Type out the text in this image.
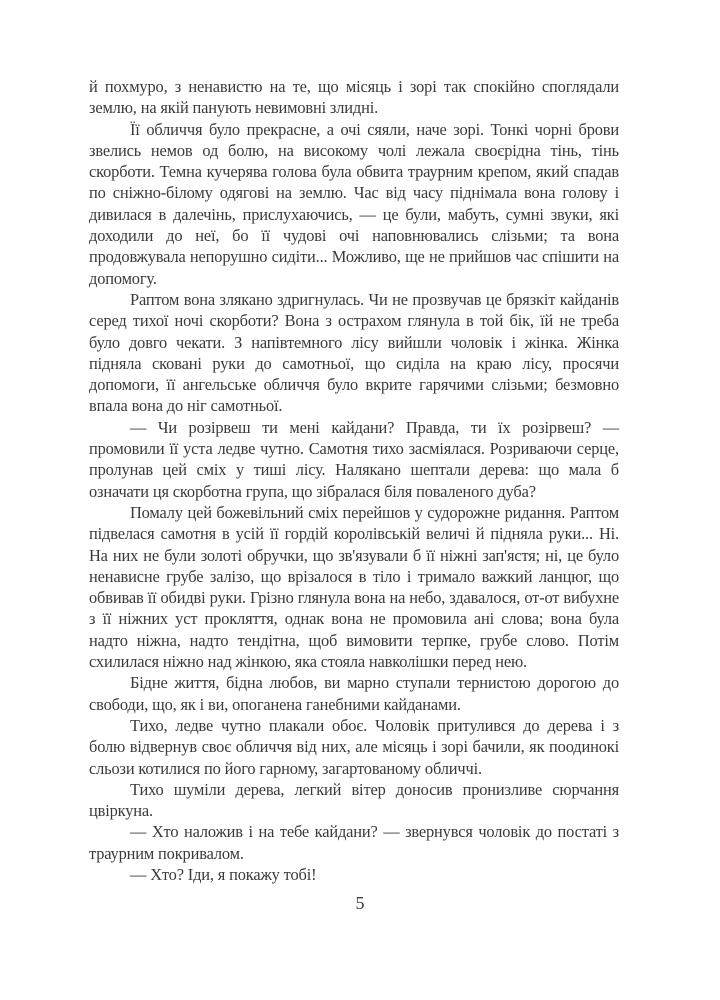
й похмуро, з ненавистю на те, що місяць і зорі так спокійно споглядали землю, на якій панують невимовні злидні.

Її обличчя було прекрасне, а очі сяяли, наче зорі. Тонкі чорні брови звелись немов од болю, на високому чолі лежала своєрідна тінь, тінь скорботи. Темна кучерява голова була обвита траурним крепом, який спадав по сніжно-білому одягові на землю. Час від часу піднімала вона голову і дивилася в далечінь, прислухаючись, — це були, мабуть, сумні звуки, які доходили до неї, бо її чудові очі наповнювались слізьми; та вона продовжувала непорушно сидіти... Можливо, ще не прийшов час спішити на допомогу.

Раптом вона злякано здригнулась. Чи не прозвучав це брязкіт кайданів серед тихої ночі скорботи? Вона з острахом глянула в той бік, їй не треба було довго чекати. З напівтемного лісу вийшли чоловік і жінка. Жінка підняла сковані руки до самотньої, що сиділа на краю лісу, просячи допомоги, її ангельське обличчя було вкрите гарячими слізьми; безмовно впала вона до ніг самотньої.

— Чи розірвеш ти мені кайдани? Правда, ти їх розірвеш? — промовили її уста ледве чутно. Самотня тихо засміялася. Розриваючи серце, пролунав цей сміх у тиші лісу. Налякано шептали дерева: що мала б означати ця скорботна група, що зібралася біля поваленого дуба?

Помалу цей божевільний сміх перейшов у судорожне ридання. Раптом підвелася самотня в усій її гордій королівській величі й підняла руки... Ні. На них не були золоті обручки, що зв'язували б її ніжні зап'ястя; ні, це було ненависне грубе залізо, що врізалося в тіло і тримало важкий ланцюг, що обвивав її обидві руки. Грізно глянула вона на небо, здавалося, от-от вибухне з її ніжних уст прокляття, однак вона не промовила ані слова; вона була надто ніжна, надто тендітна, щоб вимовити терпке, грубе слово. Потім схилилася ніжно над жінкою, яка стояла навколішки перед нею.

Бідне життя, бідна любов, ви марно ступали тернистою дорогою до свободи, що, як і ви, опоганена ганебними кайданами.

Тихо, ледве чутно плакали обоє. Чоловік притулився до дерева і з болю відвернув своє обличчя від них, але місяць і зорі бачили, як поодинокі сльози котилися по його гарному, загартованому обличчі.

Тихо шуміли дерева, легкий вітер доносив пронизливе сюрчання цвіркуна.

— Хто наложив і на тебе кайдани? — звернувся чоловік до постаті з траурним покривалом.

— Хто? Іди, я покажу тобі!

5
